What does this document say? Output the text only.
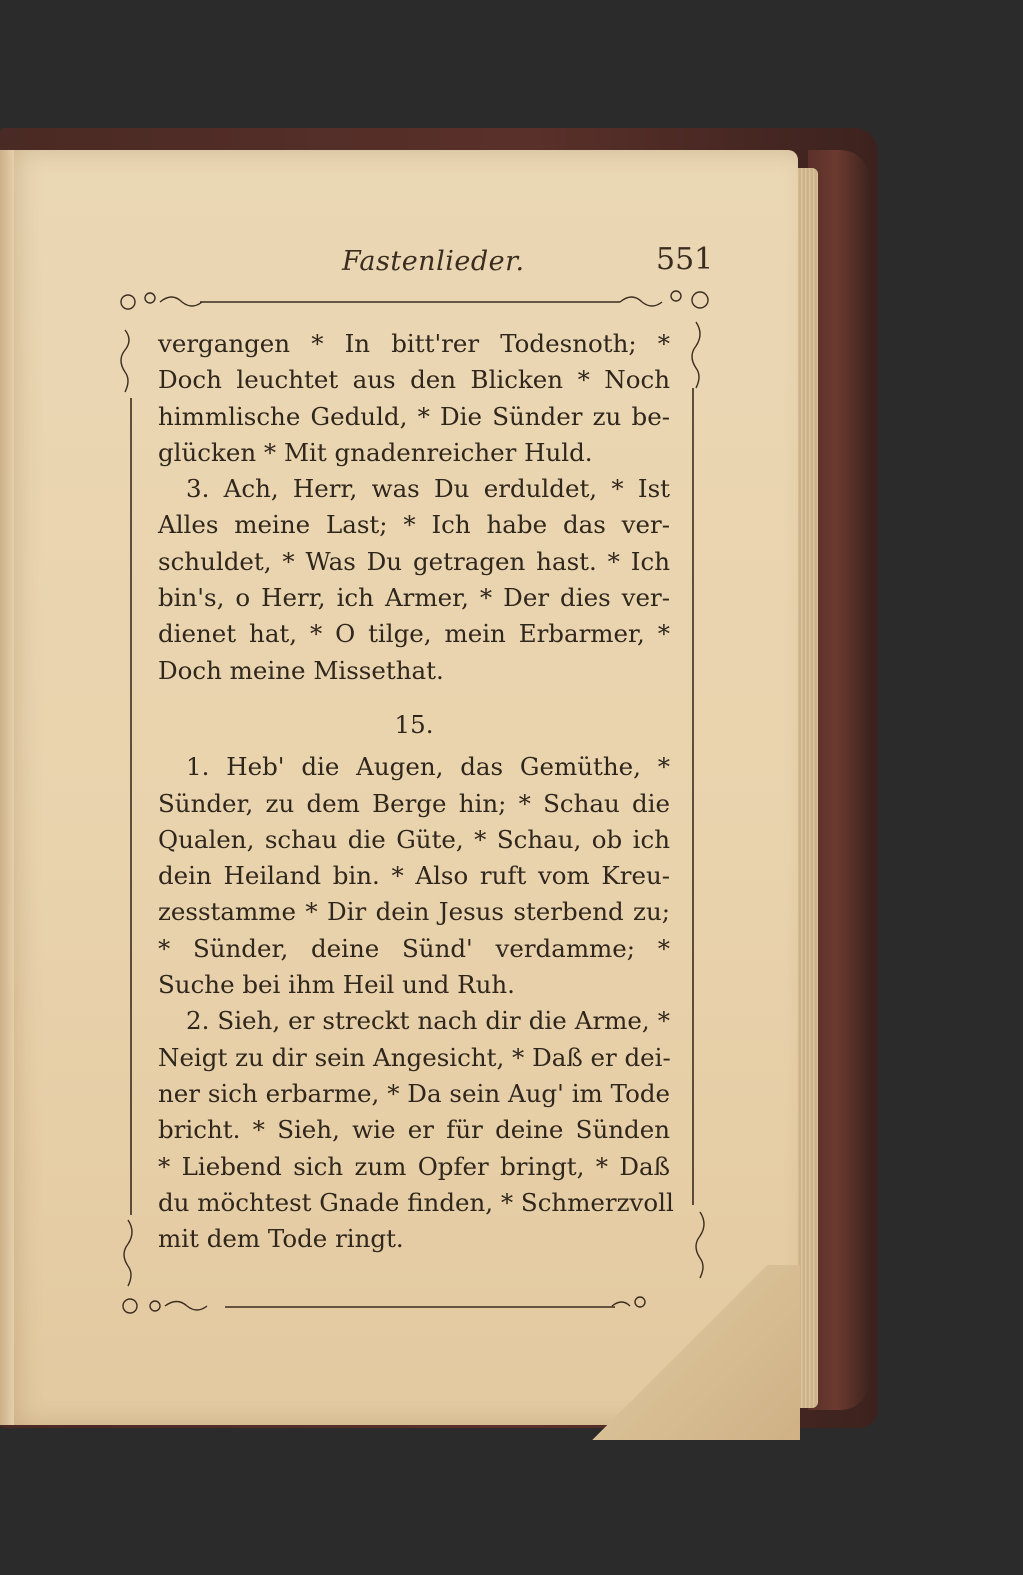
Fastenlieder.	551
vergangen * In bitt'rer Todesnoth; *
Doch leuchtet aus den Blicken * Noch
himmlische Geduld, * Die Sünder zu be-
glücken * Mit gnadenreicher Huld.
3. Ach, Herr, was Du erduldet, * Ist
Alles meine Last; * Ich habe das ver-
schuldet, * Was Du getragen hast. * Ich
bin's, o Herr, ich Armer, * Der dies ver-
dienet hat, * O tilge, mein Erbarmer, *
Doch meine Missethat.
15.
1. Heb' die Augen, das Gemüthe, *
Sünder, zu dem Berge hin; * Schau die
Qualen, schau die Güte, * Schau, ob ich
dein Heiland bin. * Also ruft vom Kreu-
zesstamme * Dir dein Jesus sterbend zu;
* Sünder, deine Sünd' verdamme; *
Suche bei ihm Heil und Ruh.
2. Sieh, er streckt nach dir die Arme, *
Neigt zu dir sein Angesicht, * Daß er dei-
ner sich erbarme, * Da sein Aug' im Tode
bricht. * Sieh, wie er für deine Sünden
* Liebend sich zum Opfer bringt, * Daß
du möchtest Gnade finden, * Schmerzvoll
mit dem Tode ringt.
